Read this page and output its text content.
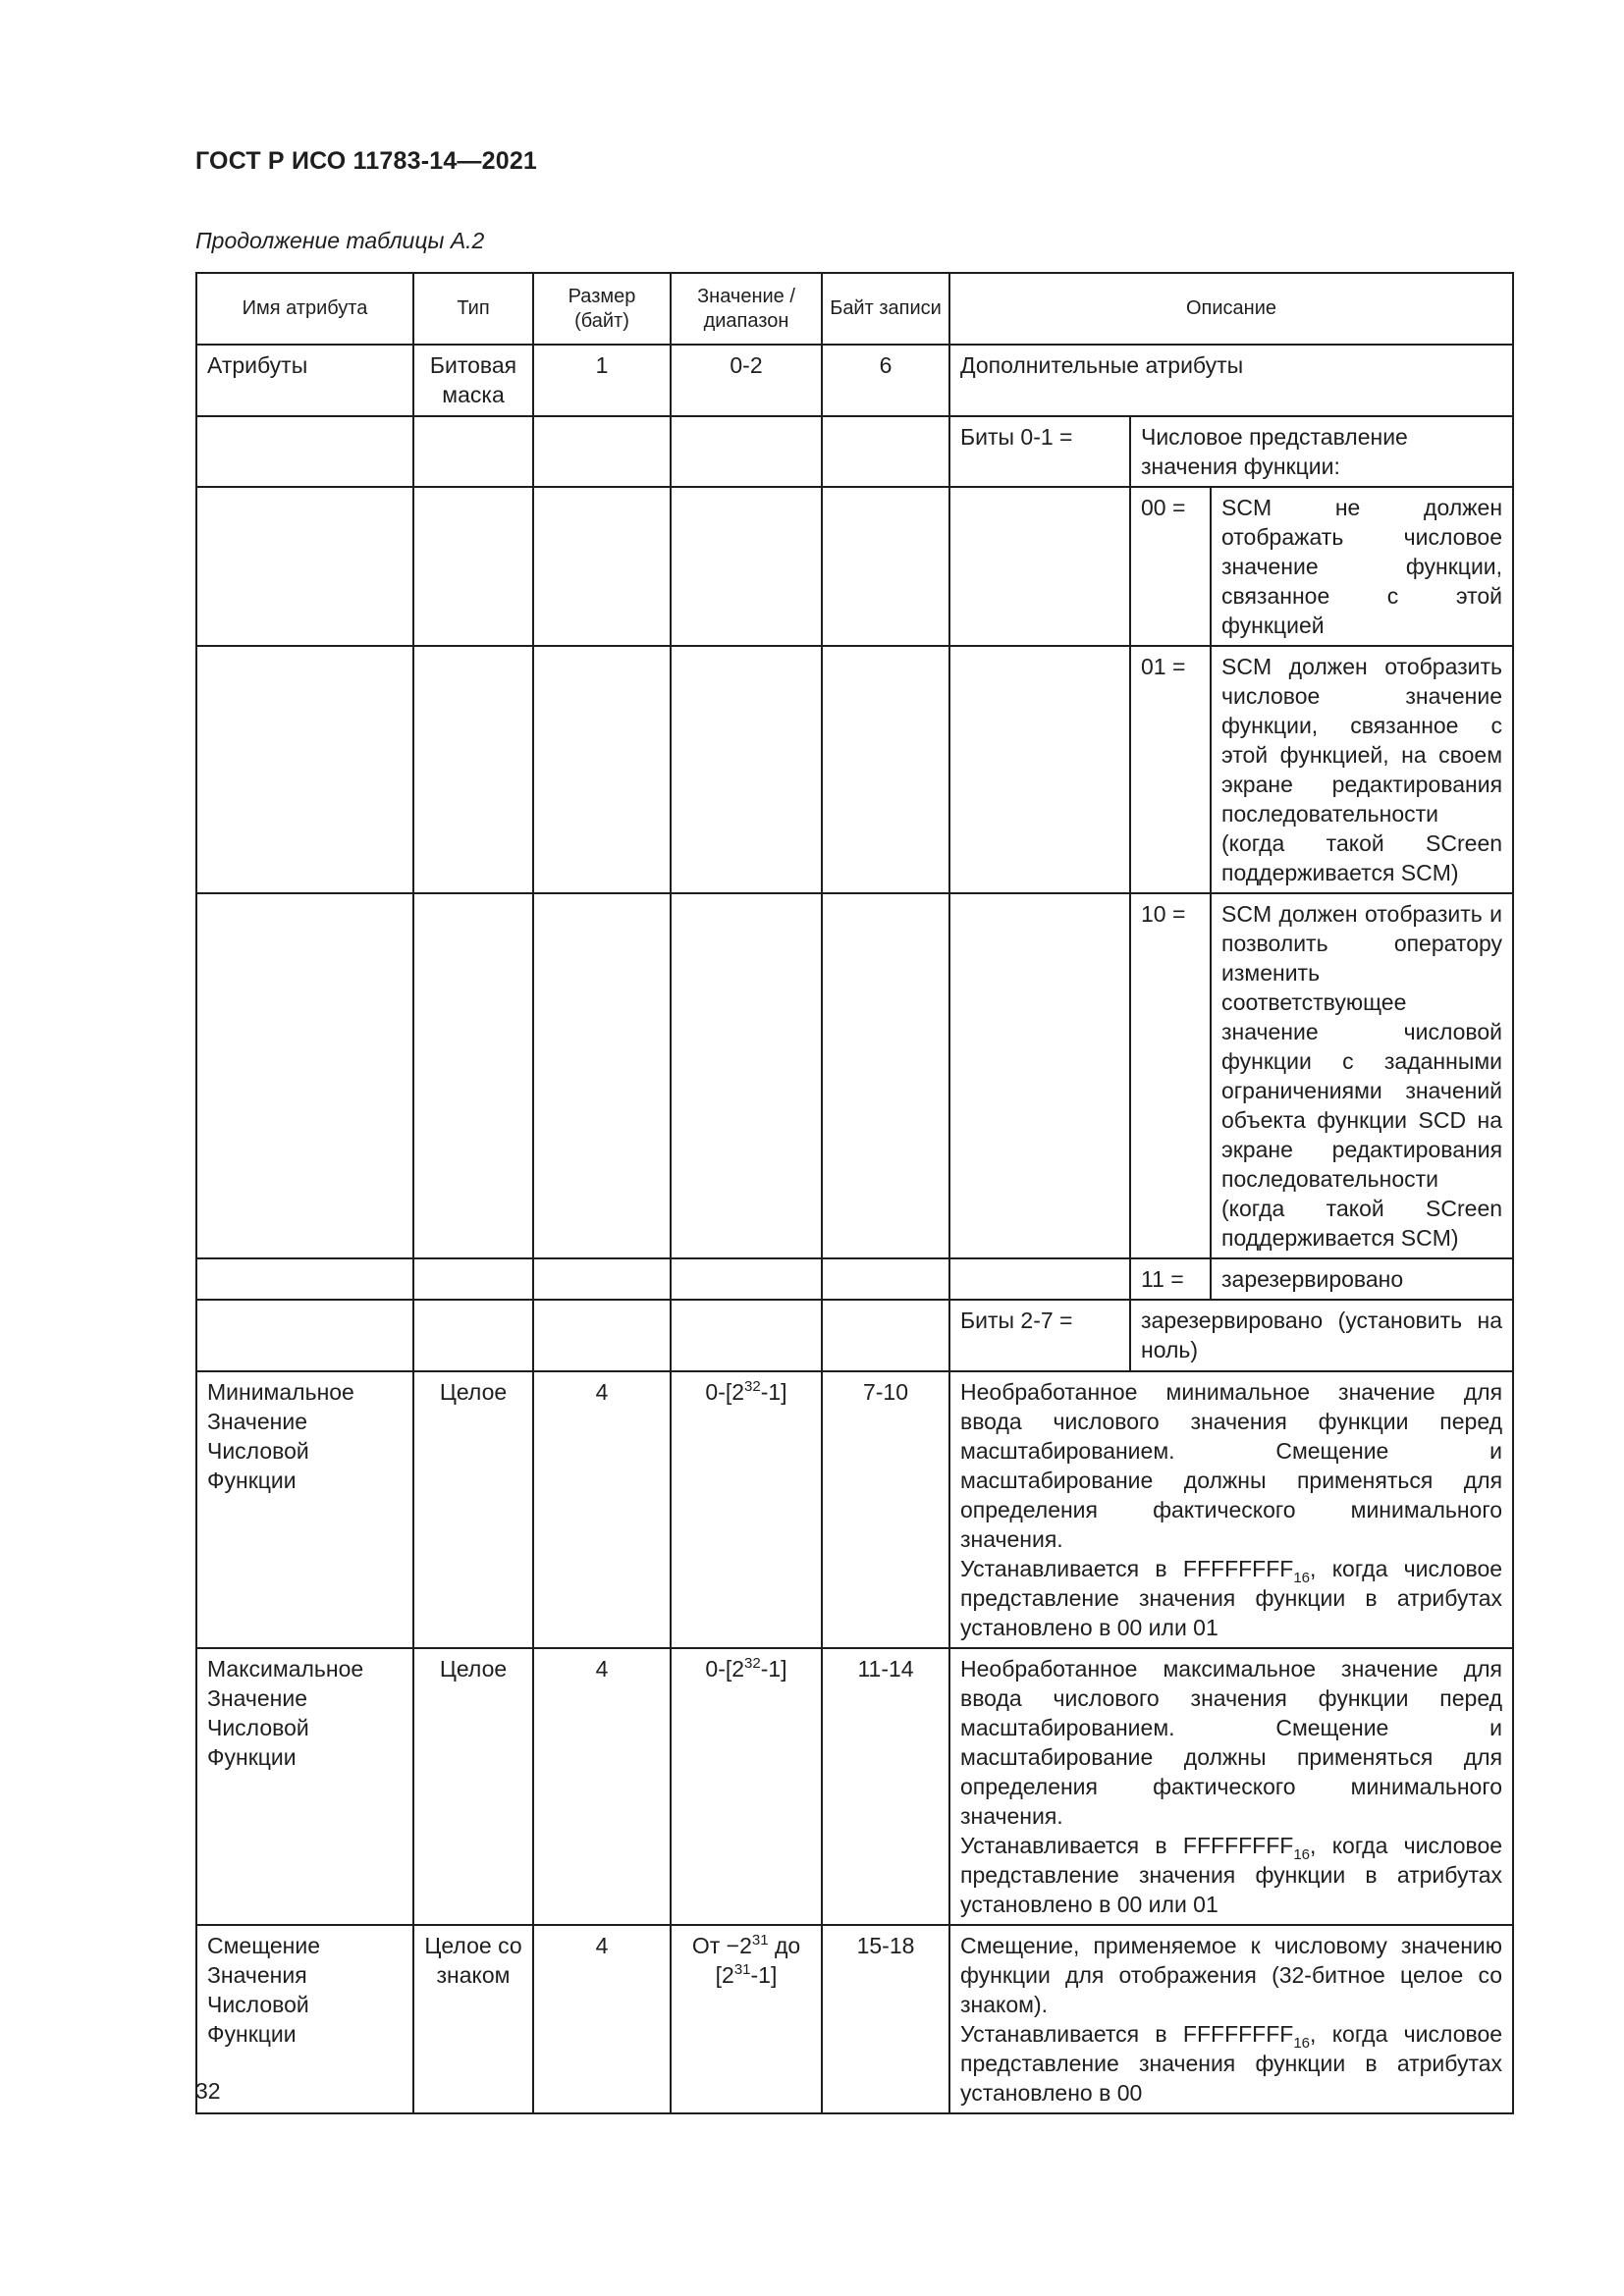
ГОСТ Р ИСО 11783-14—2021
Продолжение таблицы А.2
Имя атрибута	Тип	Размер (байт)	Значение / диапазон	Байт записи	Описание		
Атрибуты	Битовая маска	1	0-2	6	Дополнительные атрибуты		
					Биты 0-1 =	Числовое представление значения функции:	
						00 =	SCM не должен отображать числовое значение функции, связанное с этой функцией
						01 =	SCM должен отобразить числовое значение функции, связанное с этой функцией, на своем экране редактирования последовательности (когда такой SCreen поддерживается SCM)
						10 =	SCM должен отобразить и позволить оператору изменить соответствующее значение числовой функции с заданными ограничениями значений объекта функции SCD на экране редактирования последовательности (когда такой SCreen поддерживается SCM)
						11 =	зарезервировано
					Биты 2-7 =	зарезервировано (установить на ноль)	
Минимальное Значение Числовой Функции	Целое	4	$0-[2^{32}-1]$	7-10	Необработанное минимальное значение для ввода числового значения функции перед масштабированием. Смещение и масштабирование должны применяться для определения фактического минимального значения.
Устанавливается в $FFFFFFFF_{16}$, когда числовое представление значения функции в атрибутах установлено в 00 или 01		
Максимальное Значение Числовой Функции	Целое	4	$0-[2^{32}-1]$	11-14	Необработанное максимальное значение для ввода числового значения функции перед масштабированием. Смещение и масштабирование должны применяться для определения фактического минимального значения.
Устанавливается в $FFFFFFFF_{16}$, когда числовое представление значения функции в атрибутах установлено в 00 или 01		
Смещение Значения Числовой Функции	Целое со знаком	4	От $-2^{31}$ до $[2^{31}-1]$	15-18	Смещение, применяемое к числовому значению функции для отображения (32-битное целое со знаком).
Устанавливается в $FFFFFFFF_{16}$, когда числовое представление значения функции в атрибутах установлено в 00		
32
